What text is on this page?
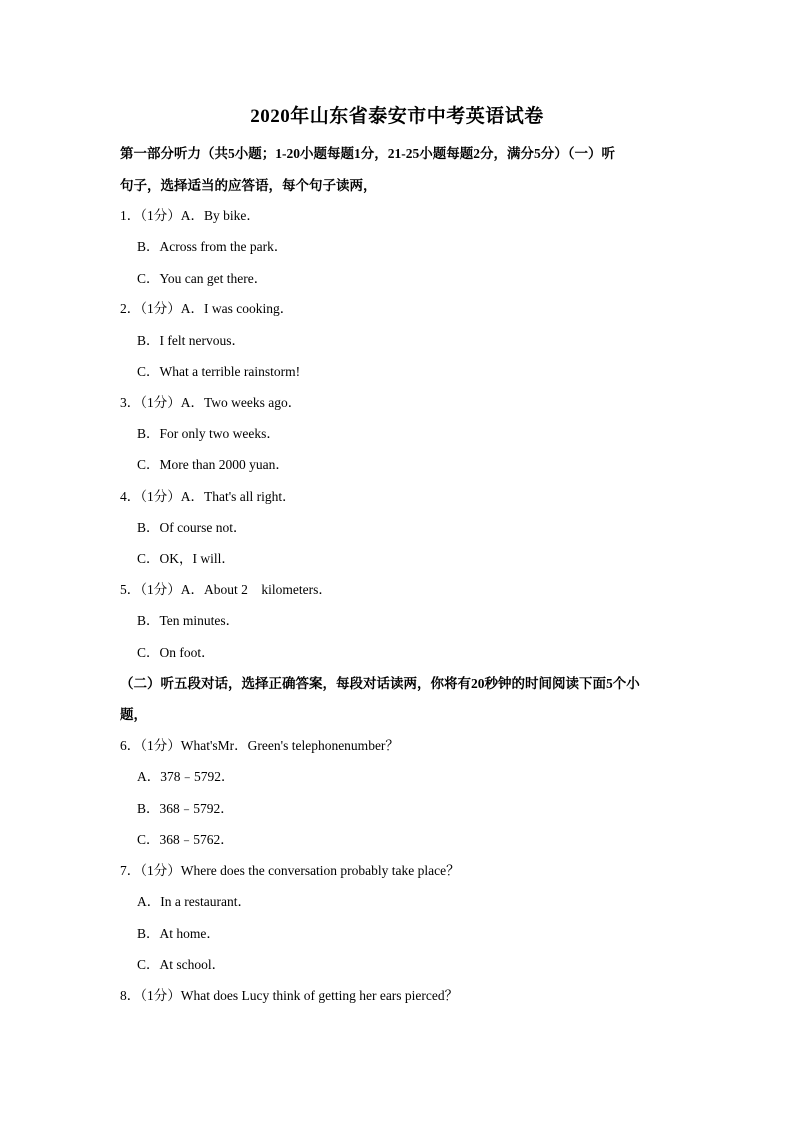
2020年山东省泰安市中考英语试卷
第一部分听力（共5小题；1-20小题每题1分，21-25小题每题2分，满分5分）（一）听
句子，选择适当的应答语，每个句子读两，
1．（1分）A．By bike．
B．Across from the park．
C．You can get there．
2．（1分）A．I was cooking．
B．I felt nervous．
C．What a terrible rainstorm!
3．（1分）A．Two weeks ago．
B．For only two weeks．
C．More than 2000 yuan．
4．（1分）A．That's all right．
B．Of course not．
C．OK，I will．
5．（1分）A．About 2　kilometers．
B．Ten minutes．
C．On foot．
（二）听五段对话，选择正确答案，每段对话读两，你将有20秒钟的时间阅读下面5个小
题，
6．（1分）What'sMr．Green's telephonenumber？
A．378﹣5792．
B．368﹣5792．
C．368﹣5762．
7．（1分）Where does the conversation probably take place？
A．In a restaurant．
B．At home．
C．At school．
8．（1分）What does Lucy think of getting her ears pierced？
